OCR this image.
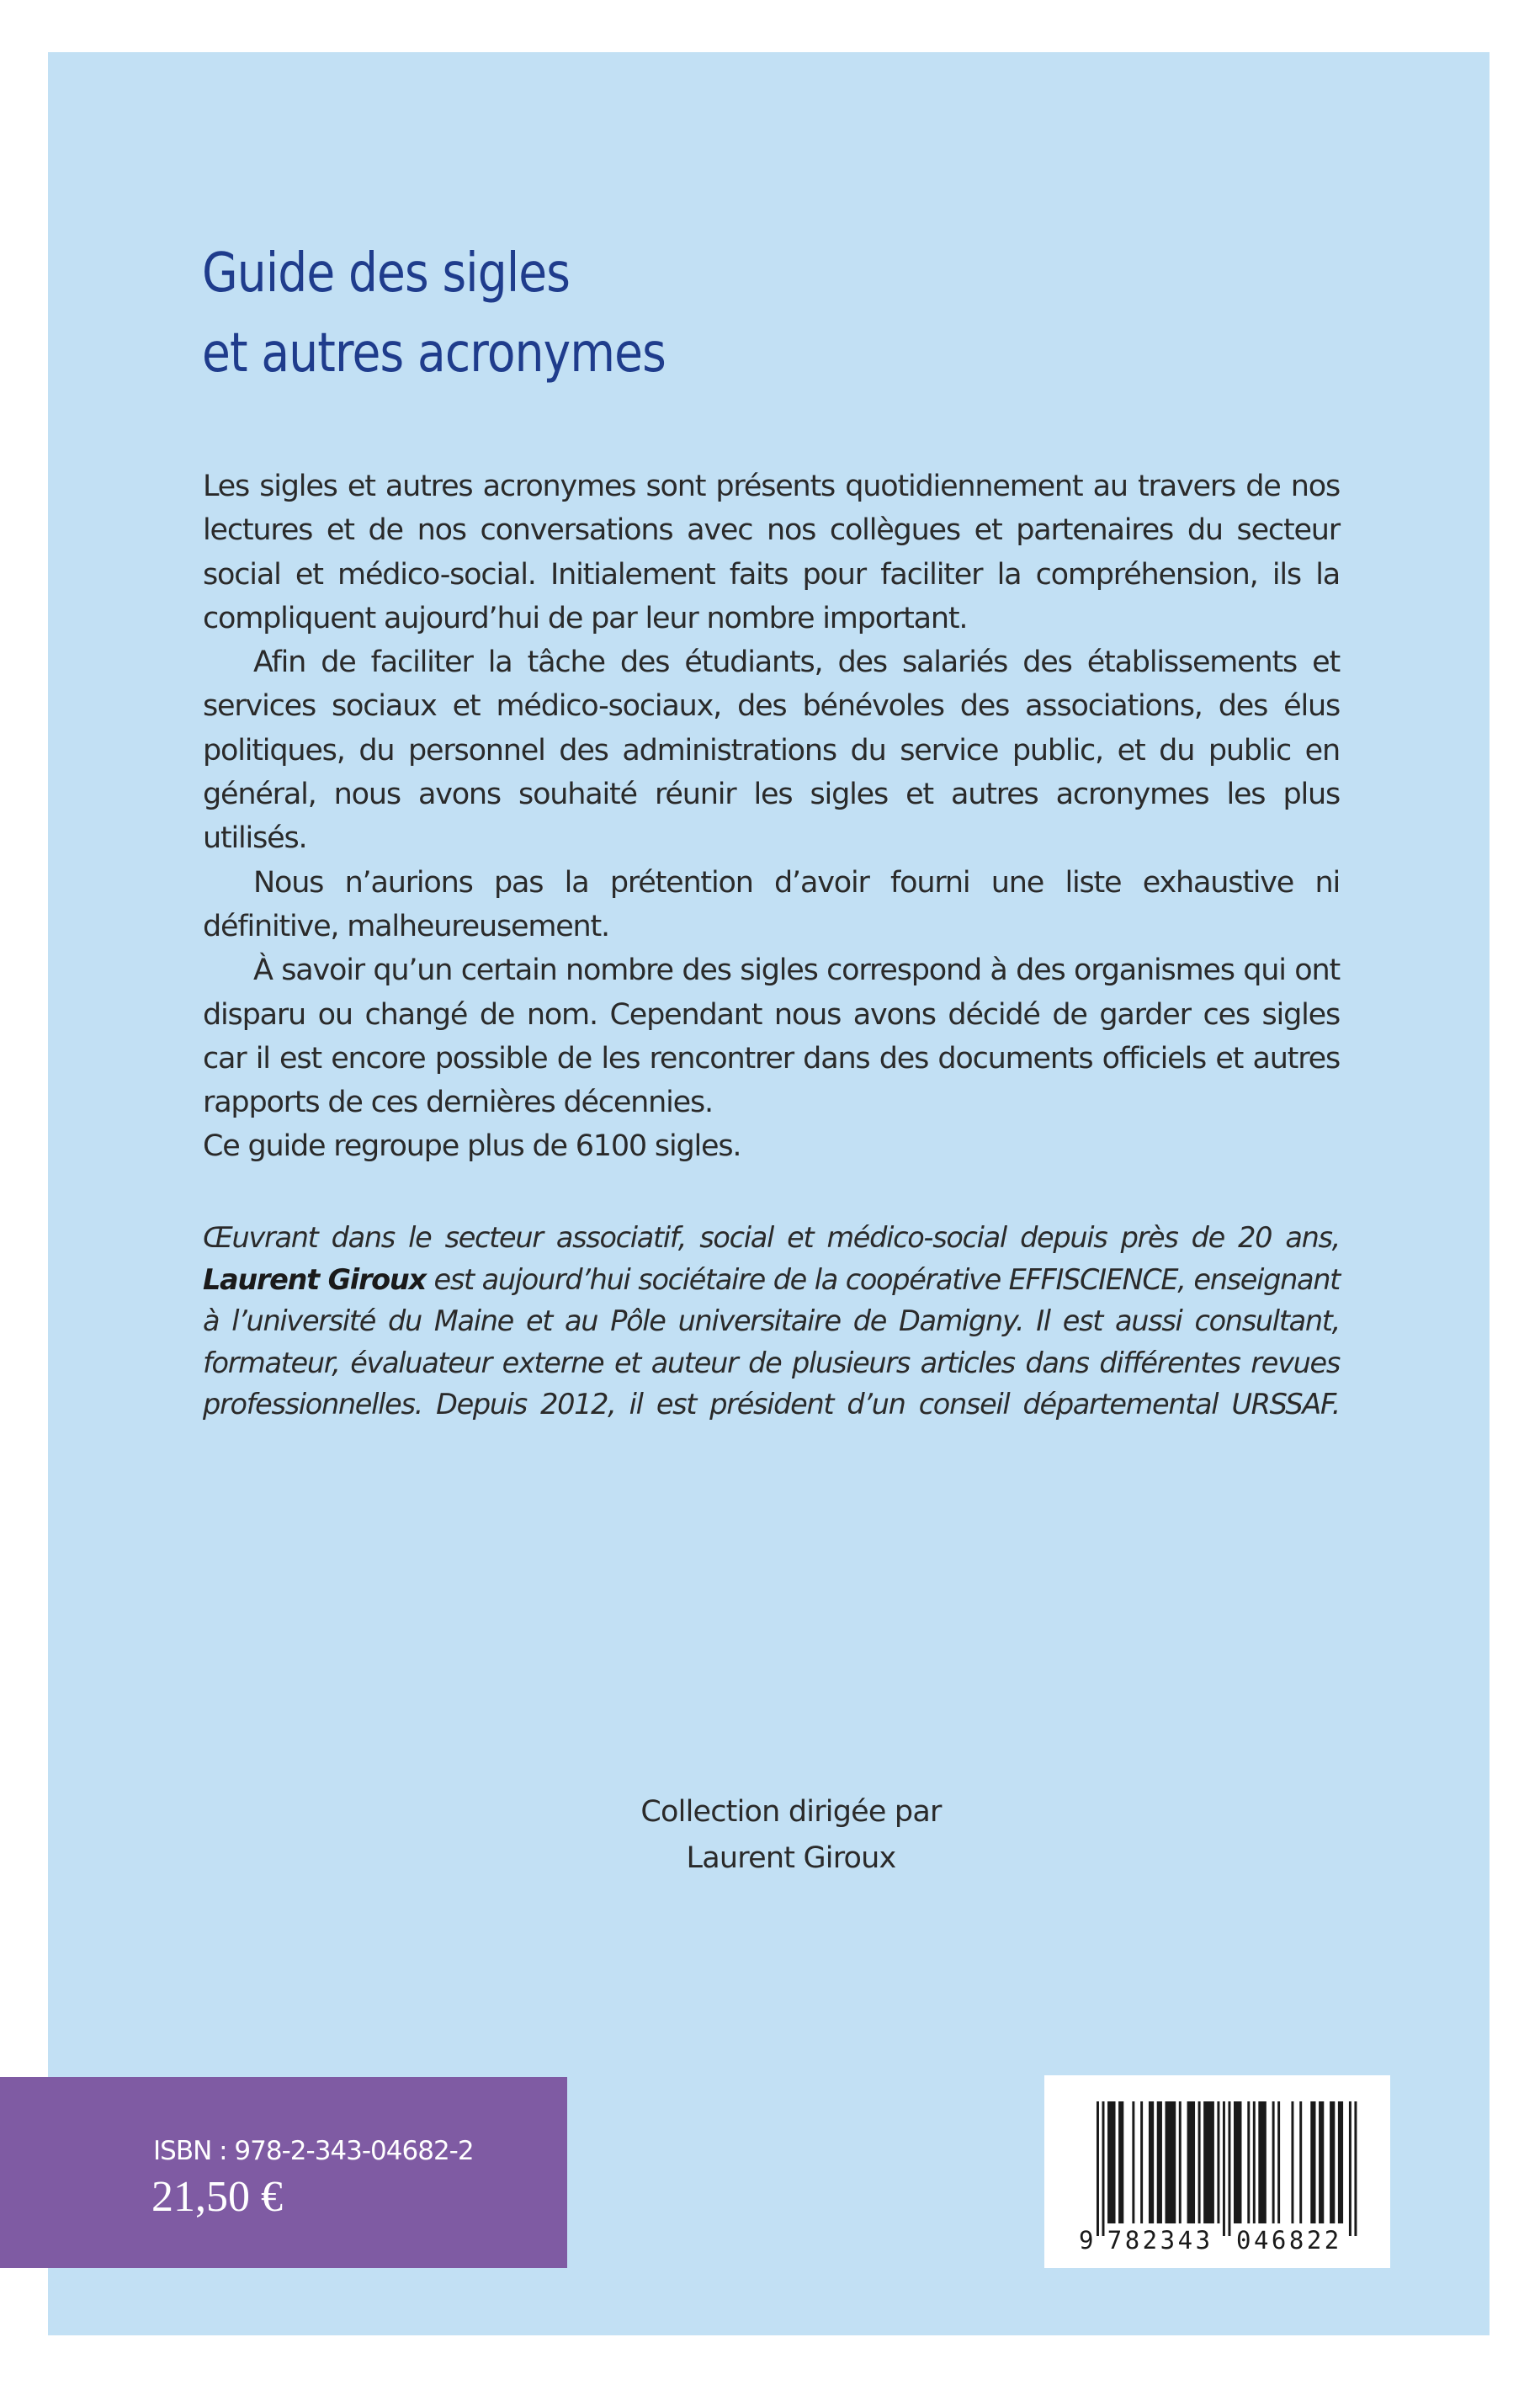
Guide des sigles
et autres acronymes

Les sigles et autres acronymes sont présents quotidiennement au travers de nos lectures et de nos conversations avec nos collègues et partenaires du secteur social et médico-social. Initialement faits pour faciliter la compréhension, ils la compliquent aujourd’hui de par leur nombre important.

Afin de faciliter la tâche des étudiants, des salariés des établissements et services sociaux et médico-sociaux, des bénévoles des associations, des élus politiques, du personnel des administrations du service public, et du public en général, nous avons souhaité réunir les sigles et autres acronymes les plus utilisés.

Nous n’aurions pas la prétention d’avoir fourni une liste exhaustive ni définitive, malheureusement.

À savoir qu’un certain nombre des sigles correspond à des organismes qui ont disparu ou changé de nom. Cependant nous avons décidé de garder ces sigles car il est encore possible de les rencontrer dans des documents officiels et autres rapports de ces dernières décennies.

Ce guide regroupe plus de 6100 sigles.

Œuvrant dans le secteur associatif, social et médico-social depuis près de 20 ans, Laurent Giroux est aujourd’hui sociétaire de la coopérative EFFISCIENCE, enseignant à l’université du Maine et au Pôle universitaire de Damigny. Il est aussi consultant, formateur, évaluateur externe et auteur de plusieurs articles dans différentes revues professionnelles. Depuis 2012, il est président d’un conseil départemental URSSAF.

Collection dirigée par
Laurent Giroux
ISBN : 978-2-343-04682-2
21,50 €
9 782343 046822
